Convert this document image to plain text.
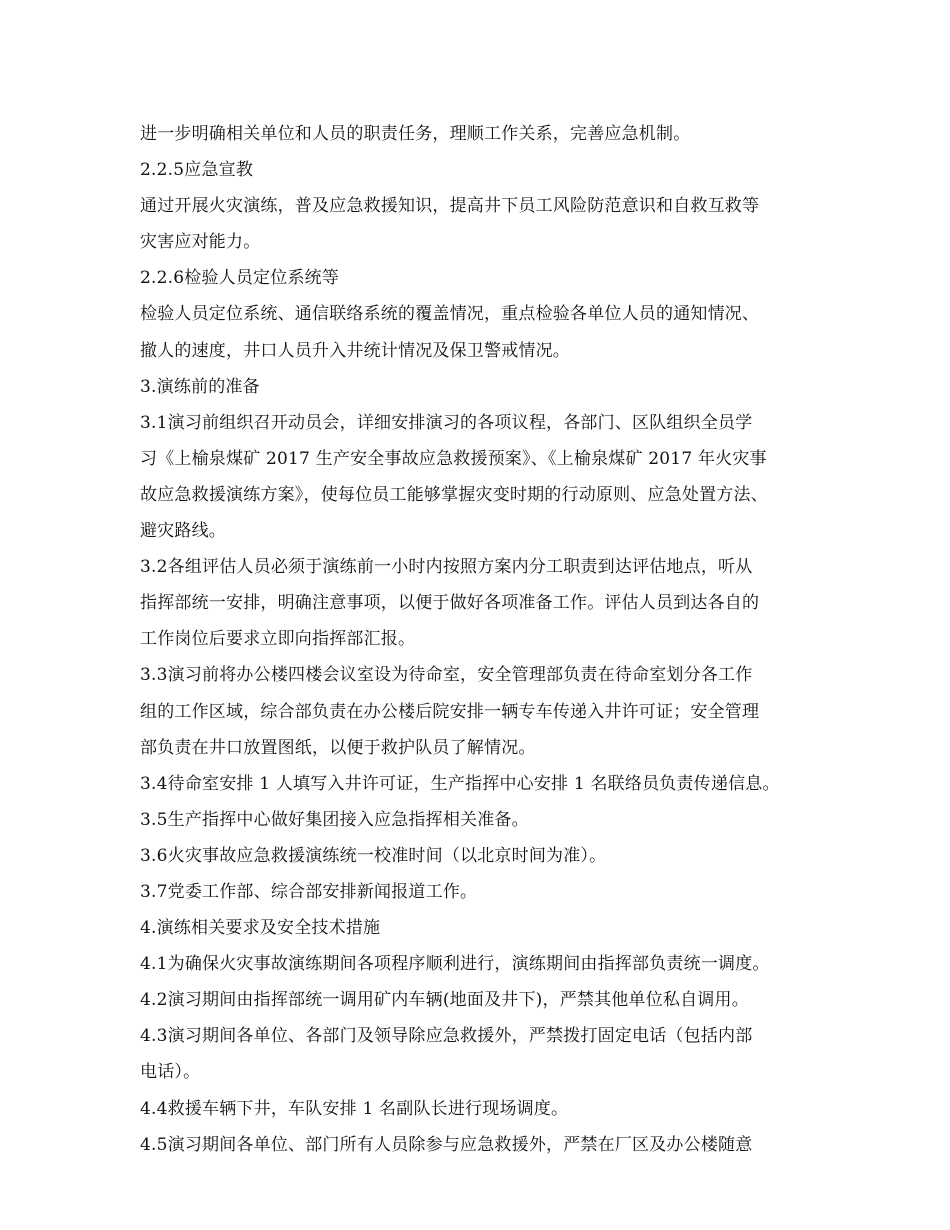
进一步明确相关单位和人员的职责任务，理顺工作关系，完善应急机制。
2.2.5应急宣教
通过开展火灾演练，普及应急救援知识，提高井下员工风险防范意识和自救互救等
灾害应对能力。
2.2.6检验人员定位系统等
检验人员定位系统、通信联络系统的覆盖情况，重点检验各单位人员的通知情况、
撤人的速度，井口人员升入井统计情况及保卫警戒情况。
3.演练前的准备
3.1演习前组织召开动员会，详细安排演习的各项议程，各部门、区队组织全员学
习《上榆泉煤矿 2017 生产安全事故应急救援预案》、《上榆泉煤矿 2017 年火灾事
故应急救援演练方案》，使每位员工能够掌握灾变时期的行动原则、应急处置方法、
避灾路线。
3.2各组评估人员必须于演练前一小时内按照方案内分工职责到达评估地点，听从
指挥部统一安排，明确注意事项，以便于做好各项准备工作。评估人员到达各自的
工作岗位后要求立即向指挥部汇报。
3.3演习前将办公楼四楼会议室设为待命室，安全管理部负责在待命室划分各工作
组的工作区域，综合部负责在办公楼后院安排一辆专车传递入井许可证；安全管理
部负责在井口放置图纸，以便于救护队员了解情况。
3.4待命室安排 1 人填写入井许可证，生产指挥中心安排 1 名联络员负责传递信息。
3.5生产指挥中心做好集团接入应急指挥相关准备。
3.6火灾事故应急救援演练统一校准时间（以北京时间为准）。
3.7党委工作部、综合部安排新闻报道工作。
4.演练相关要求及安全技术措施
4.1为确保火灾事故演练期间各项程序顺利进行，演练期间由指挥部负责统一调度。
4.2演习期间由指挥部统一调用矿内车辆(地面及井下)，严禁其他单位私自调用。
4.3演习期间各单位、各部门及领导除应急救援外，严禁拨打固定电话（包括内部
电话）。
4.4救援车辆下井，车队安排 1 名副队长进行现场调度。
4.5演习期间各单位、部门所有人员除参与应急救援外，严禁在厂区及办公楼随意
